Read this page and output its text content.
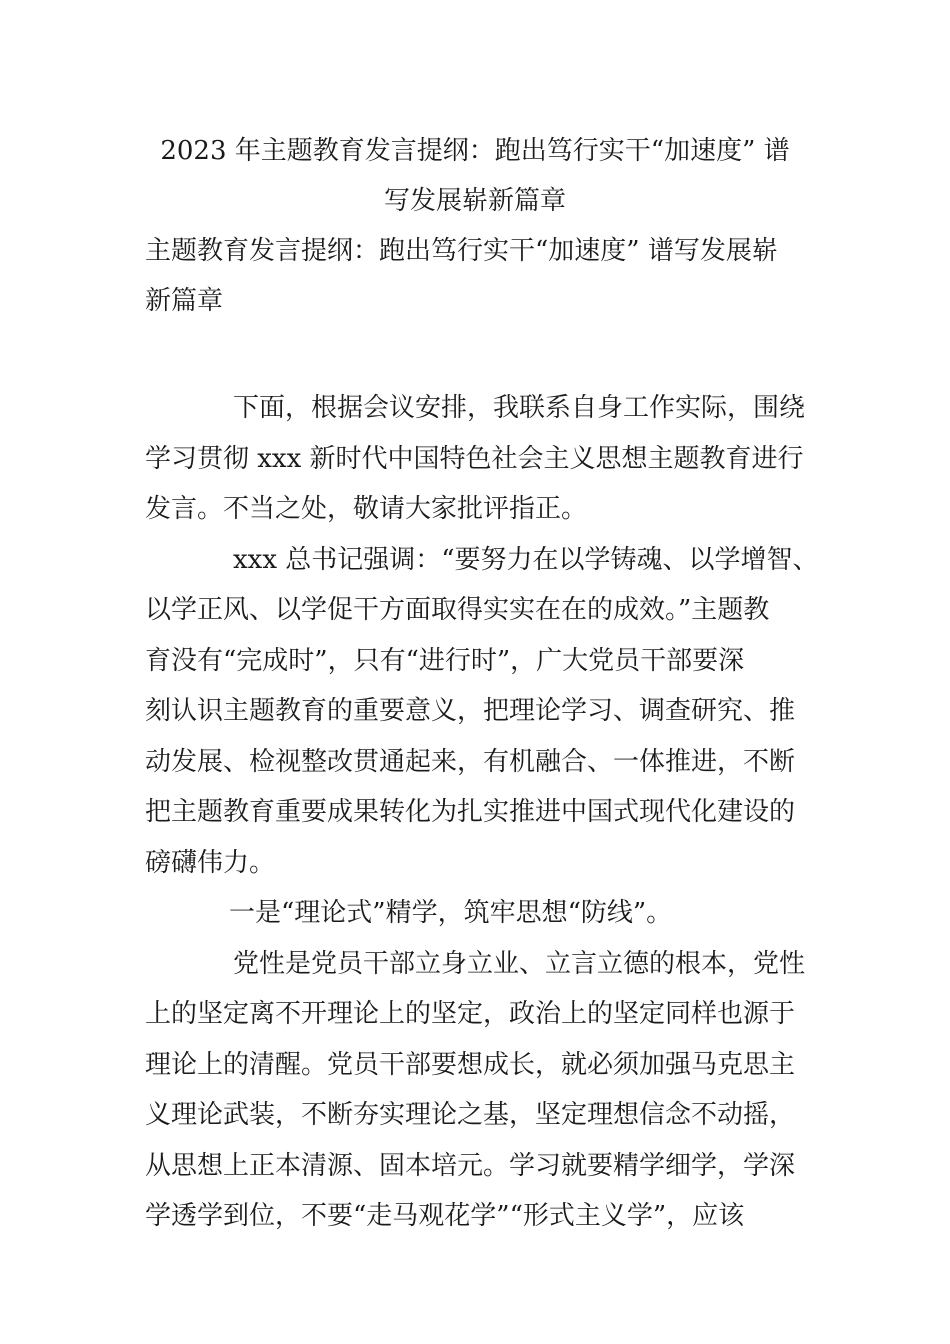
2023 年主题教育发言提纲：跑出笃行实干“加速度” 谱
写发展崭新篇章
主题教育发言提纲：跑出笃行实干“加速度” 谱写发展崭
新篇章
下面，根据会议安排，我联系自身工作实际，围绕
学习贯彻 xxx 新时代中国特色社会主义思想主题教育进行
发言。不当之处，敬请大家批评指正。
xxx 总书记强调：“要努力在以学铸魂、以学增智、
以学正风、以学促干方面取得实实在在的成效。”主题教
育没有“完成时”，只有“进行时”，广大党员干部要深
刻认识主题教育的重要意义，把理论学习、调查研究、推
动发展、检视整改贯通起来，有机融合、一体推进，不断
把主题教育重要成果转化为扎实推进中国式现代化建设的
磅礴伟力。
一是“理论式”精学，筑牢思想“防线”。
党性是党员干部立身立业、立言立德的根本，党性
上的坚定离不开理论上的坚定，政治上的坚定同样也源于
理论上的清醒。党员干部要想成长，就必须加强马克思主
义理论武装，不断夯实理论之基，坚定理想信念不动摇，
从思想上正本清源、固本培元。学习就要精学细学，学深
学透学到位，不要“走马观花学”“形式主义学”，应该
